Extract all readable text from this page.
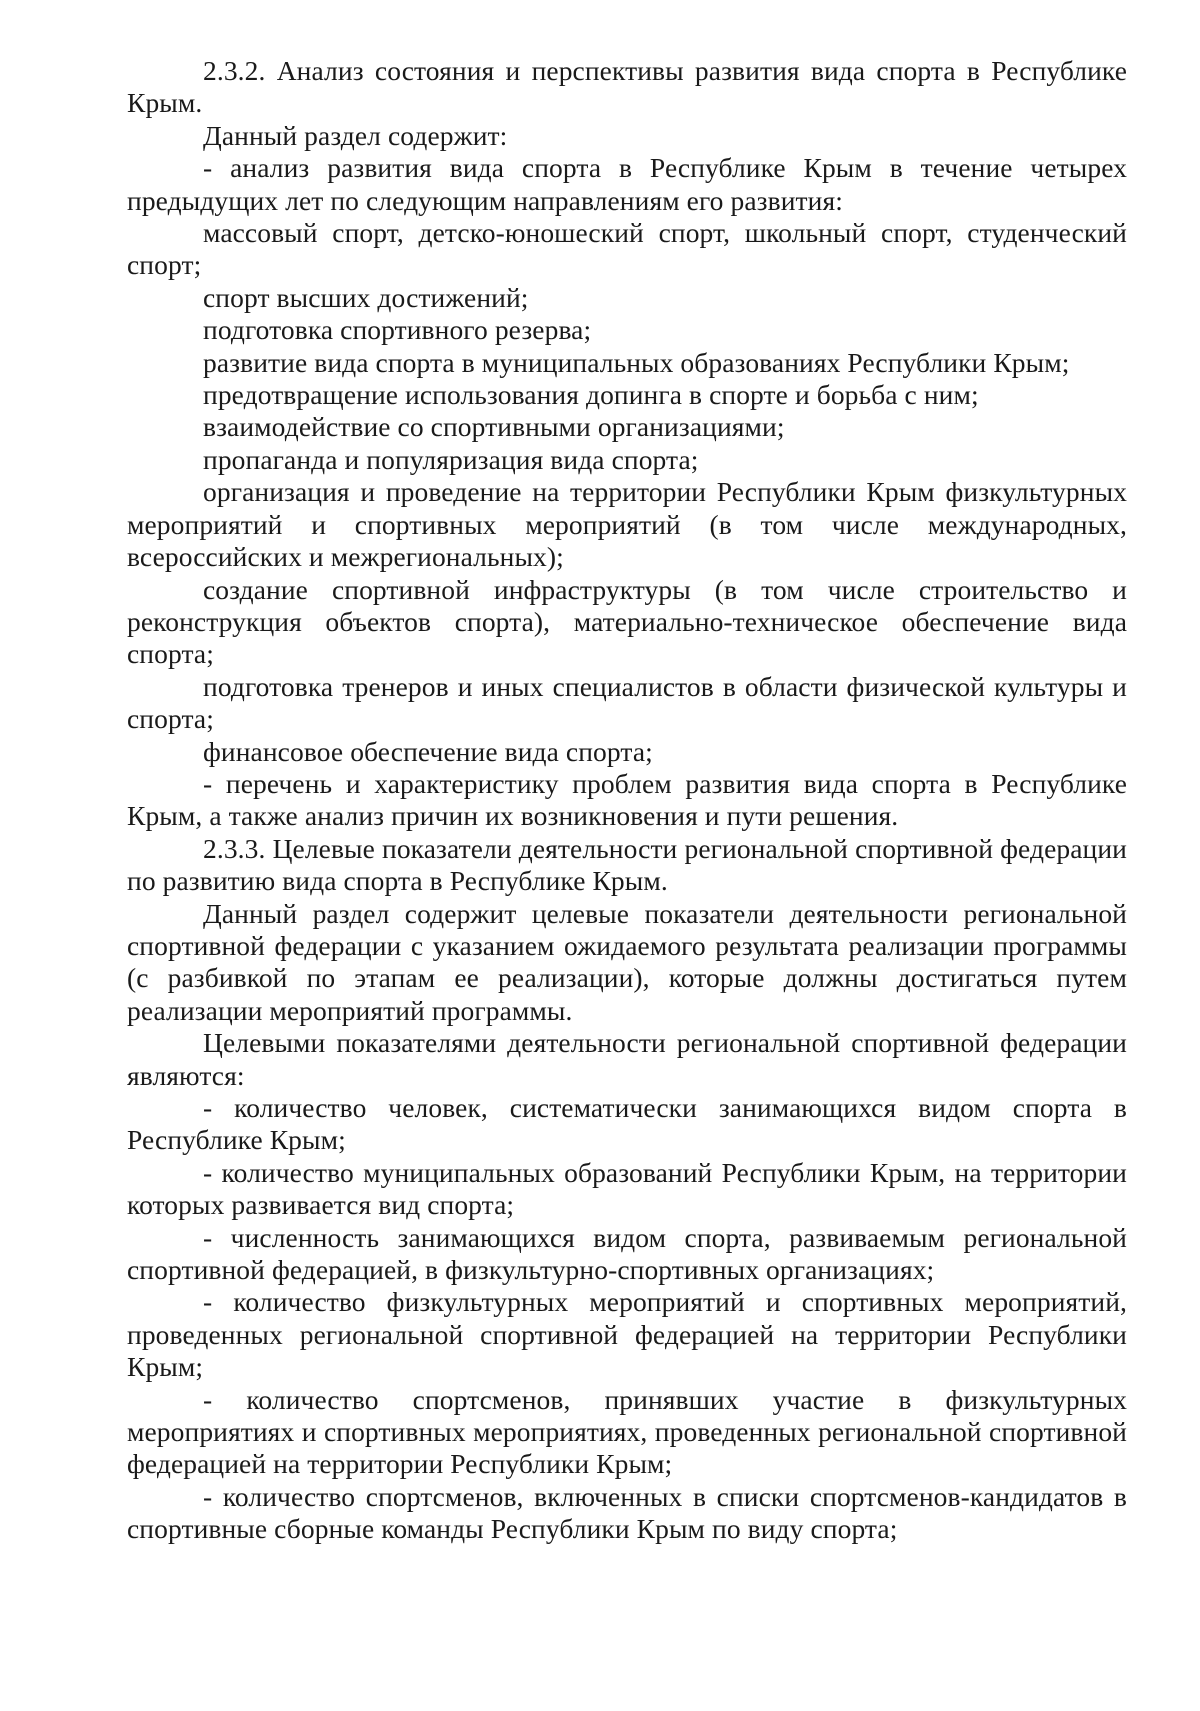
2.3.2. Анализ состояния и перспективы развития вида спорта в Республике Крым.

Данный раздел содержит:

- анализ развития вида спорта в Республике Крым в течение четырех предыдущих лет по следующим направлениям его развития:

массовый спорт, детско-юношеский спорт, школьный спорт, студенческий спорт;

спорт высших достижений;

подготовка спортивного резерва;

развитие вида спорта в муниципальных образованиях Республики Крым;

предотвращение использования допинга в спорте и борьба с ним;

взаимодействие со спортивными организациями;

пропаганда и популяризация вида спорта;

организация и проведение на территории Республики Крым физкультурных мероприятий и спортивных мероприятий (в том числе международных, всероссийских и межрегиональных);

создание спортивной инфраструктуры (в том числе строительство и реконструкция объектов спорта), материально-техническое обеспечение вида спорта;

подготовка тренеров и иных специалистов в области физической культуры и спорта;

финансовое обеспечение вида спорта;

- перечень и характеристику проблем развития вида спорта в Республике Крым, а также анализ причин их возникновения и пути решения.

2.3.3. Целевые показатели деятельности региональной спортивной федерации по развитию вида спорта в Республике Крым.

Данный раздел содержит целевые показатели деятельности региональной спортивной федерации с указанием ожидаемого результата реализации программы (с разбивкой по этапам ее реализации), которые должны достигаться путем реализации мероприятий программы.

Целевыми показателями деятельности региональной спортивной федерации являются:

- количество человек, систематически занимающихся видом спорта в Республике Крым;

- количество муниципальных образований Республики Крым, на территории которых развивается вид спорта;

- численность занимающихся видом спорта, развиваемым региональной спортивной федерацией, в физкультурно-спортивных организациях;

- количество физкультурных мероприятий и спортивных мероприятий, проведенных региональной спортивной федерацией на территории Республики Крым;

- количество спортсменов, принявших участие в физкультурных мероприятиях и спортивных мероприятиях, проведенных региональной спортивной федерацией на территории Республики Крым;

- количество спортсменов, включенных в списки спортсменов-кандидатов в спортивные сборные команды Республики Крым по виду спорта;
